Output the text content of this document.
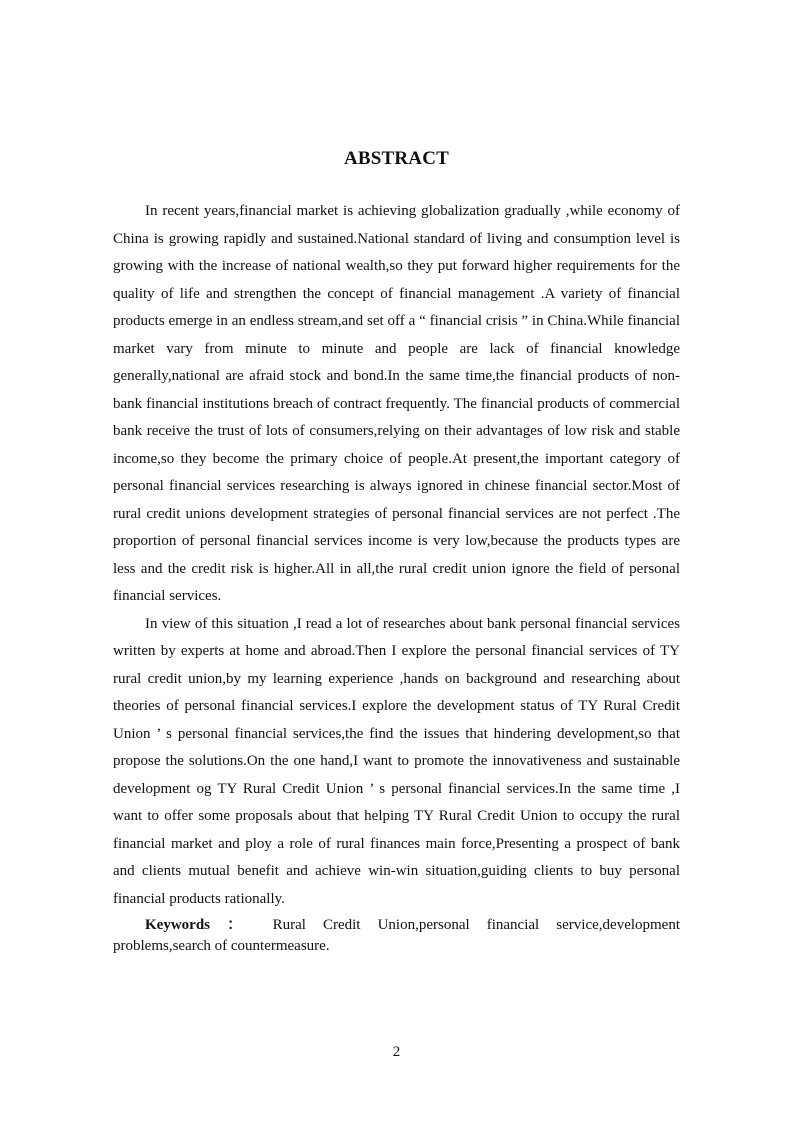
ABSTRACT

In recent years,financial market is achieving globalization gradually ,while economy of China is growing rapidly and sustained.National standard of living and consumption level is growing with the increase of national wealth,so they put forward higher requirements for the quality of life and strengthen the concept of financial management .A variety of financial products emerge in an endless stream,and set off a “ financial crisis ” in China.While financial market vary from minute to minute and people are lack of financial knowledge generally,national are afraid stock and bond.In the same time,the financial products of non-bank financial institutions breach of contract frequently. The financial products of commercial bank receive the trust of lots of consumers,relying on their advantages of low risk and stable income,so they become the primary choice of people.At present,the important category of personal financial services researching is always ignored in chinese financial sector.Most of rural credit unions development strategies of personal financial services are not perfect .The proportion of personal financial services income is very low,because the products types are less and the credit risk is higher.All in all,the rural credit union ignore the field of personal financial services.

In view of this situation ,I read a lot of researches about bank personal financial services written by experts at home and abroad.Then I explore the personal financial services of TY rural credit union,by my learning experience ,hands on background and researching about theories of personal financial services.I explore the development status of TY Rural Credit Union ’ s personal financial services,the find the issues that hindering development,so that propose the solutions.On the one hand,I want to promote the innovativeness and sustainable development og TY Rural Credit Union ’ s personal financial services.In the same time ,I want to offer some proposals about that helping TY Rural Credit Union to occupy the rural financial market and ploy a role of rural finances main force,Presenting a prospect of bank and clients mutual benefit and achieve win-win situation,guiding clients to buy personal financial products rationally.

Keywords ： Rural Credit Union,personal financial service,development problems,search of countermeasure.
2
